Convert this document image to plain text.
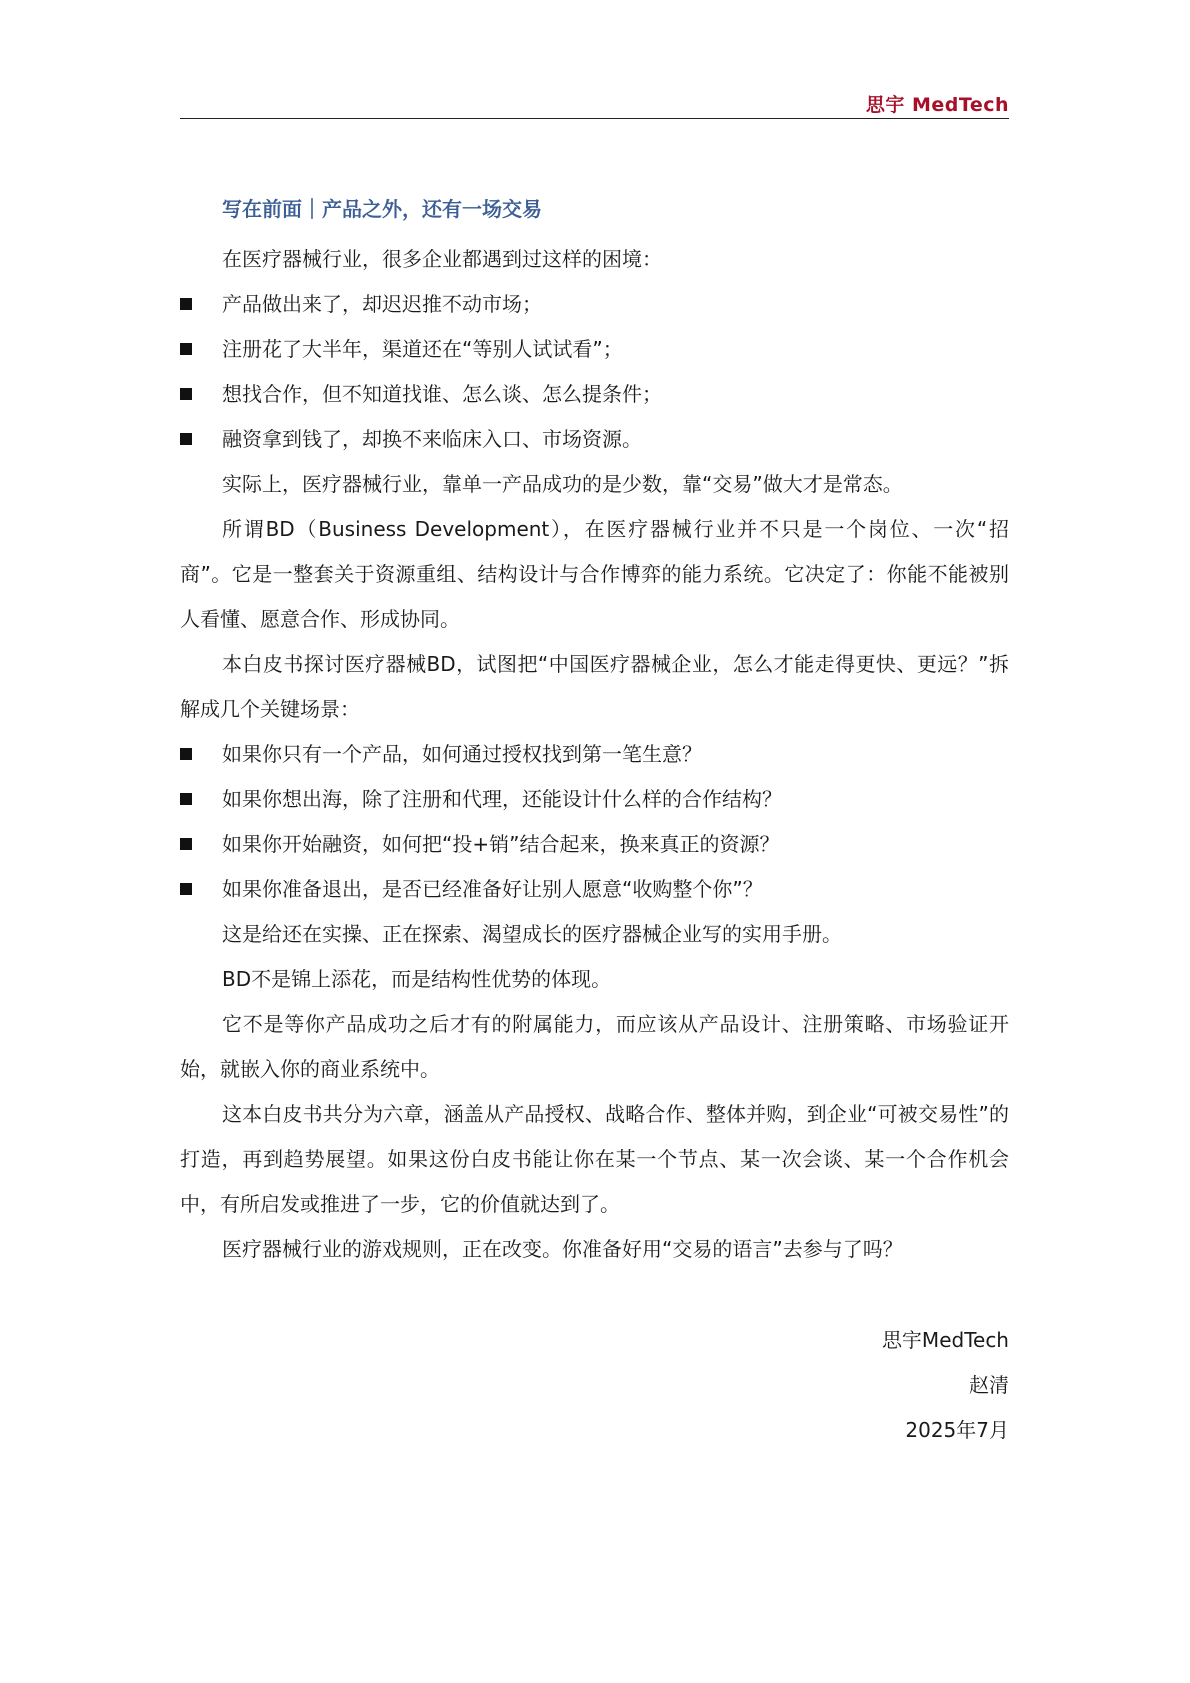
思宇 MedTech
写在前面｜产品之外，还有一场交易

在医疗器械行业，很多企业都遇到过这样的困境：

产品做出来了，却迟迟推不动市场；

注册花了大半年，渠道还在“等别人试试看”；

想找合作，但不知道找谁、怎么谈、怎么提条件；

融资拿到钱了，却换不来临床入口、市场资源。

实际上，医疗器械行业，靠单一产品成功的是少数，靠“交易”做大才是常态。

所谓BD（Business Development），在医疗器械行业并不只是一个岗位、一次“招商”。它是一整套关于资源重组、结构设计与合作博弈的能力系统。它决定了：你能不能被别人看懂、愿意合作、形成协同。

本白皮书探讨医疗器械BD，试图把“中国医疗器械企业，怎么才能走得更快、更远？”拆解成几个关键场景：

如果你只有一个产品，如何通过授权找到第一笔生意？

如果你想出海，除了注册和代理，还能设计什么样的合作结构？

如果你开始融资，如何把“投+销”结合起来，换来真正的资源？

如果你准备退出，是否已经准备好让别人愿意“收购整个你”？

这是给还在实操、正在探索、渴望成长的医疗器械企业写的实用手册。

BD不是锦上添花，而是结构性优势的体现。

它不是等你产品成功之后才有的附属能力，而应该从产品设计、注册策略、市场验证开始，就嵌入你的商业系统中。

这本白皮书共分为六章，涵盖从产品授权、战略合作、整体并购，到企业“可被交易性”的打造，再到趋势展望。如果这份白皮书能让你在某一个节点、某一次会谈、某一个合作机会中，有所启发或推进了一步，它的价值就达到了。

医疗器械行业的游戏规则，正在改变。你准备好用“交易的语言”去参与了吗？

思宇MedTech
赵清
2025年7月
